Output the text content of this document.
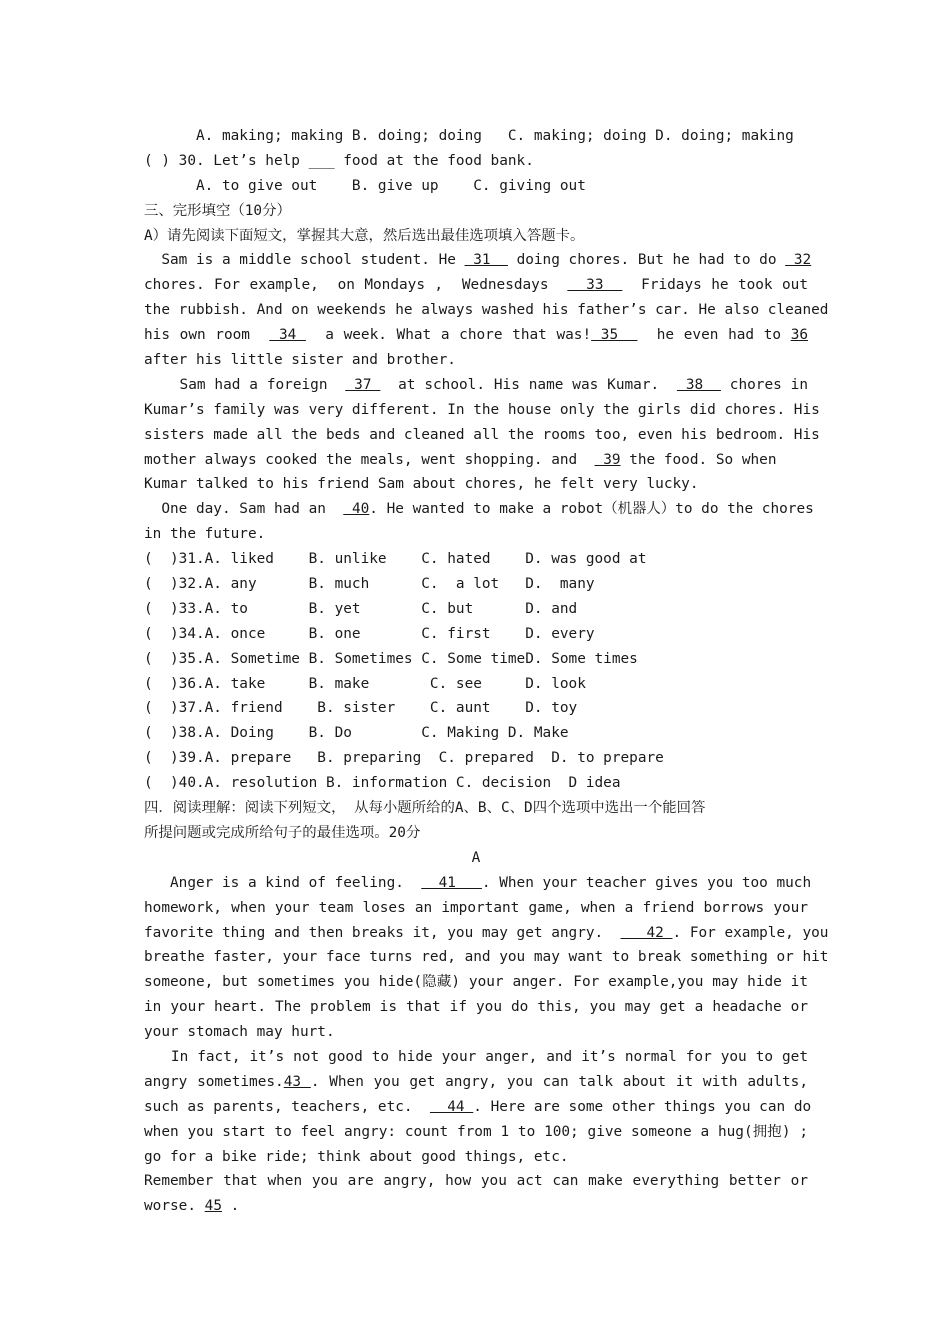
A. making; making B. doing; doing   C. making; doing D. doing; making
( ) 30. Let’s help ___ food at the food bank.
A. to give out    B. give up    C. giving out
三、完形填空（10分）
A）请先阅读下面短文，掌握其大意，然后选出最佳选项填入答题卡。
Sam is a middle school student. He  31   doing chores. But he had to do  32
chores. For example,  on Mondays ,  Wednesdays    33    Fridays he took out
the rubbish. And on weekends he always washed his father’s car. He also cleaned
his own room   34   a week. What a chore that was! 35    he even had to 36
after his little sister and brother.
Sam had a foreign   37   at school. His name was Kumar.   38   chores in
Kumar’s family was very different. In the house only the girls did chores. His
sisters made all the beds and cleaned all the rooms too, even his bedroom. His
mother always cooked the meals, went shopping. and   39 the food. So when
Kumar talked to his friend Sam about chores, he felt very lucky.
One day. Sam had an   40. He wanted to make a robot（机器人）to do the chores
in the future.
(  )31.A. liked    B. unlike    C. hated    D. was good at
(  )32.A. any      B. much      C.  a lot   D.  many
(  )33.A. to       B. yet       C. but      D. and
(  )34.A. once     B. one       C. first    D. every
(  )35.A. Sometime B. Sometimes C. Some timeD. Some times
(  )36.A. take     B. make       C. see     D. look
(  )37.A. friend    B. sister    C. aunt    D. toy
(  )38.A. Doing    B. Do        C. Making D. Make
(  )39.A. prepare   B. preparing  C. prepared  D. to prepare
(  )40.A. resolution B. information C. decision  D idea
四．阅读理解：阅读下列短文， 从每小题所给的A、B、C、D四个选项中选出一个能回答
所提问题或完成所给句子的最佳选项。20分
A
Anger is a kind of feeling.    41   . When your teacher gives you too much
homework, when your team loses an important game, when a friend borrows your
favorite thing and then breaks it, you may get angry.     42 . For example, you
breathe faster, your face turns red, and you may want to break something or hit
someone, but sometimes you hide(隐藏) your anger. For example,you may hide it
in your heart. The problem is that if you do this, you may get a headache or
your stomach may hurt.
In fact, it’s not good to hide your anger, and it’s normal for you to get
angry sometimes.43 . When you get angry, you can talk about it with adults,
such as parents, teachers, etc.    44 . Here are some other things you can do
when you start to feel angry: count from 1 to 100; give someone a hug(拥抱) ;
go for a bike ride; think about good things, etc.
Remember that when you are angry, how you act can make everything better or
worse. 45 .
